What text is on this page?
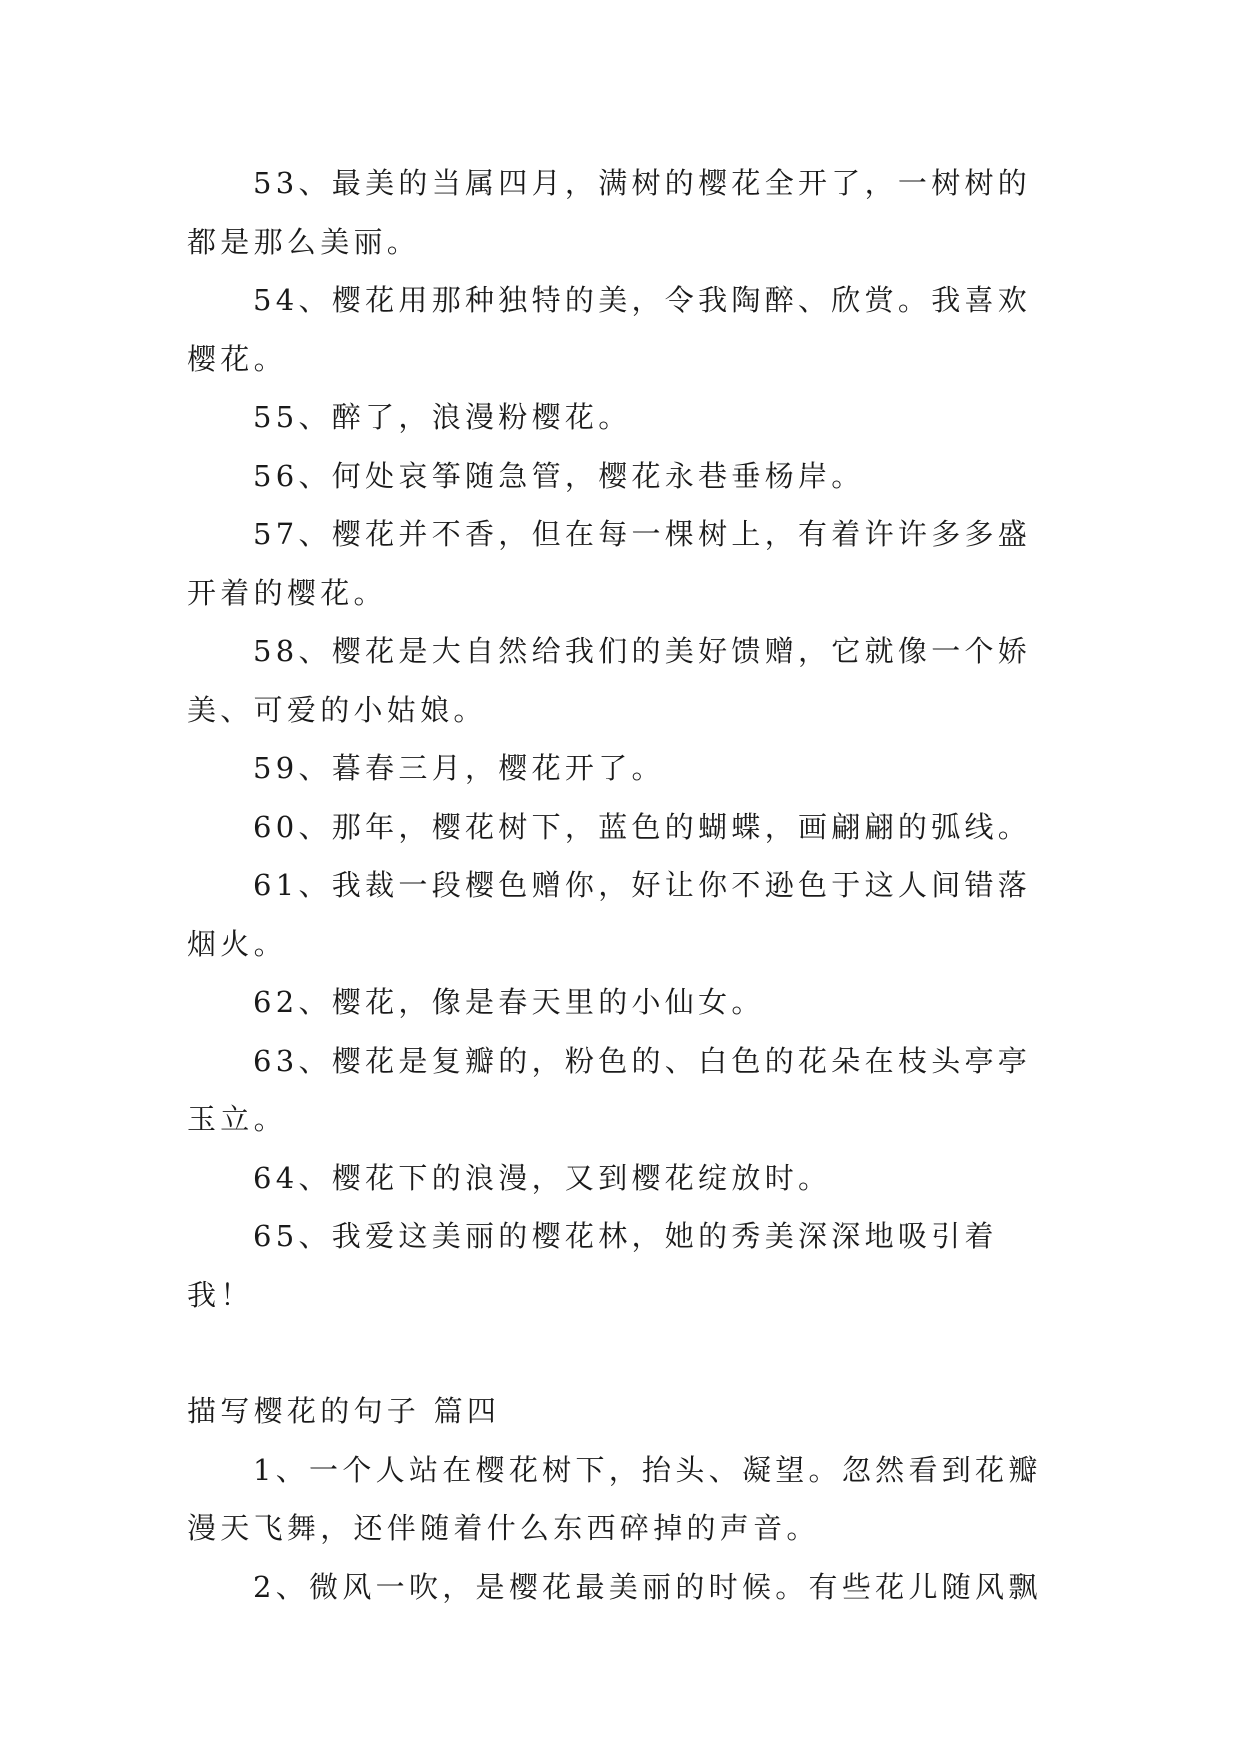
53、最美的当属四月，满树的樱花全开了，一树树的都是那么美丽。

54、樱花用那种独特的美，令我陶醉、欣赏。我喜欢樱花。

55、醉了，浪漫粉樱花。

56、何处哀筝随急管，樱花永巷垂杨岸。

57、樱花并不香，但在每一棵树上，有着许许多多盛开着的樱花。

58、樱花是大自然给我们的美好馈赠，它就像一个娇美、可爱的小姑娘。

59、暮春三月，樱花开了。

60、那年，樱花树下，蓝色的蝴蝶，画翩翩的弧线。

61、我裁一段樱色赠你，好让你不逊色于这人间错落烟火。

62、樱花，像是春天里的小仙女。

63、樱花是复瓣的，粉色的、白色的花朵在枝头亭亭玉立。

64、樱花下的浪漫，又到樱花绽放时。

65、我爱这美丽的樱花林，她的秀美深深地吸引着我！

描写樱花的句子 篇四

1、一个人站在樱花树下，抬头、凝望。忽然看到花瓣漫天飞舞，还伴随着什么东西碎掉的声音。

2、微风一吹，是樱花最美丽的时候。有些花儿随风飘
